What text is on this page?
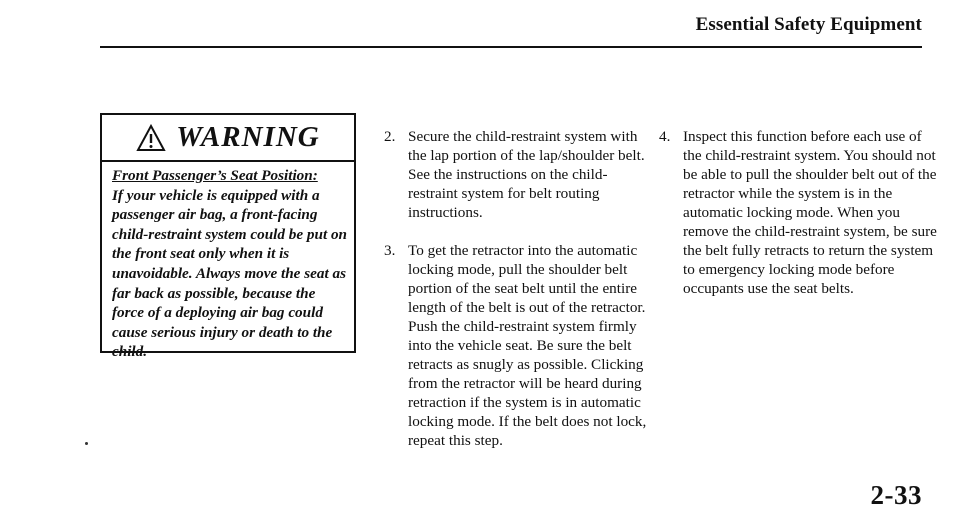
Essential Safety Equipment
WARNING
Front Passenger’s Seat Position:
If your vehicle is equipped with a passenger air bag, a front-facing child-restraint system could be put on the front seat only when it is unavoidable. Always move the seat as far back as possible, because the force of a deploying air bag could cause serious injury or death to the child.
2. Secure the child-restraint system with the lap portion of the lap/shoulder belt. See the instructions on the child-restraint system for belt routing instructions.
3. To get the retractor into the automatic locking mode, pull the shoulder belt portion of the seat belt until the entire length of the belt is out of the retractor. Push the child-restraint system firmly into the vehicle seat. Be sure the belt retracts as snugly as possible. Clicking from the retractor will be heard during retraction if the system is in automatic locking mode. If the belt does not lock, repeat this step.
4. Inspect this function before each use of the child-restraint system. You should not be able to pull the shoulder belt out of the retractor while the system is in the automatic locking mode. When you remove the child-restraint system, be sure the belt fully retracts to return the system to emergency locking mode before occupants use the seat belts.
2-33
